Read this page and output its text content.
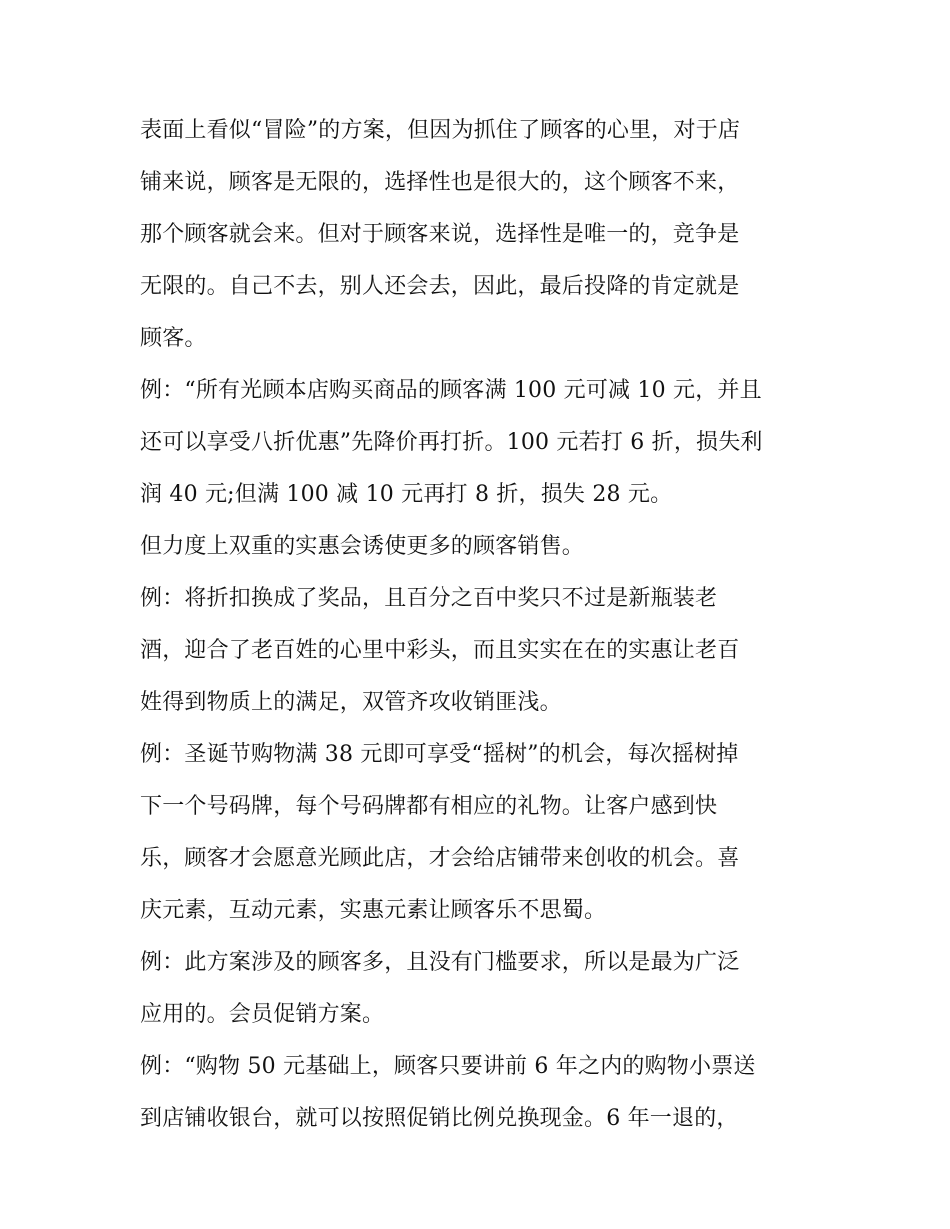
表面上看似“冒险”的方案，但因为抓住了顾客的心里，对于店
铺来说，顾客是无限的，选择性也是很大的，这个顾客不来，
那个顾客就会来。但对于顾客来说，选择性是唯一的，竞争是
无限的。自己不去，别人还会去，因此，最后投降的肯定就是
顾客。
例：“所有光顾本店购买商品的顾客满 100 元可减 10 元，并且
还可以享受八折优惠”先降价再打折。100 元若打 6 折，损失利
润 40 元;但满 100 减 10 元再打 8 折，损失 28 元。
但力度上双重的实惠会诱使更多的顾客销售。
例：将折扣换成了奖品，且百分之百中奖只不过是新瓶装老
酒，迎合了老百姓的心里中彩头，而且实实在在的实惠让老百
姓得到物质上的满足，双管齐攻收销匪浅。
例：圣诞节购物满 38 元即可享受“摇树”的机会，每次摇树掉
下一个号码牌，每个号码牌都有相应的礼物。让客户感到快
乐，顾客才会愿意光顾此店，才会给店铺带来创收的机会。喜
庆元素，互动元素，实惠元素让顾客乐不思蜀。
例：此方案涉及的顾客多，且没有门槛要求，所以是最为广泛
应用的。会员促销方案。
例：“购物 50 元基础上，顾客只要讲前 6 年之内的购物小票送
到店铺收银台，就可以按照促销比例兑换现金。6 年一退的，
